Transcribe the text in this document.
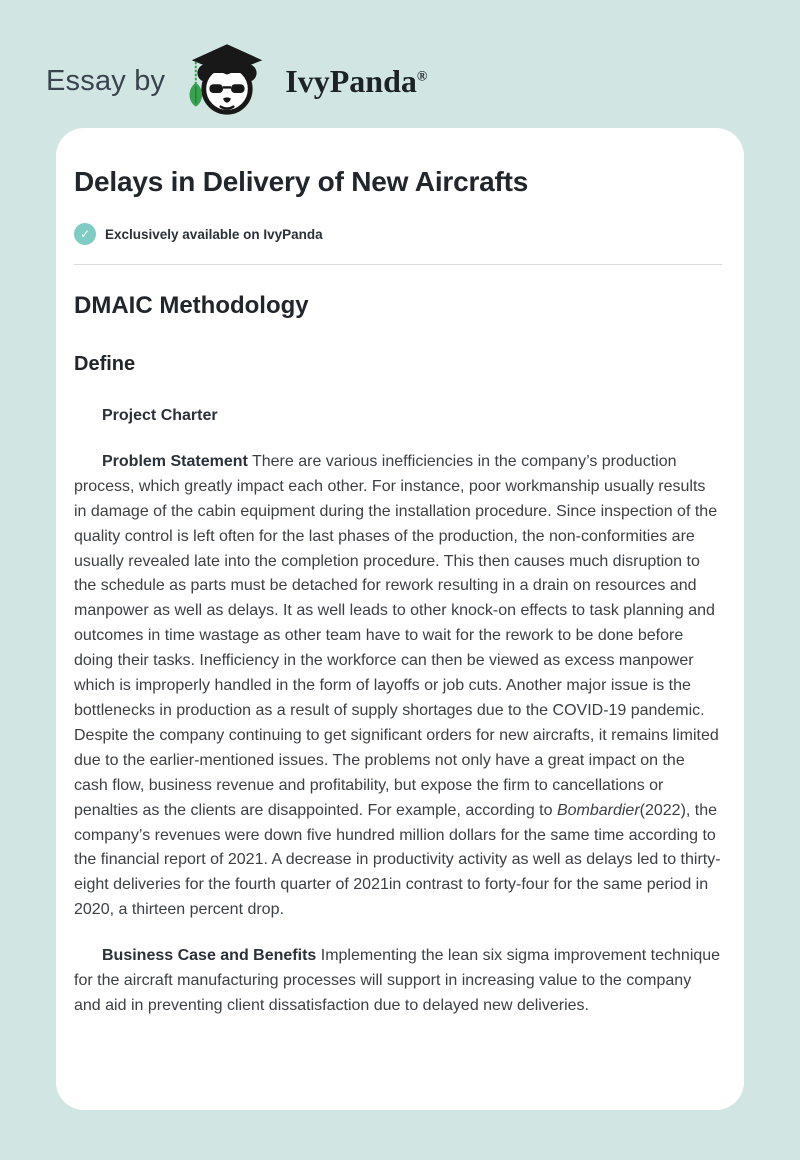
Essay by	IvyPanda®
Delays in Delivery of New Aircrafts
✓	Exclusively available on IvyPanda
DMAIC Methodology
Define

Project Charter

Problem Statement There are various inefficiencies in the company’s production process, which greatly impact each other. For instance, poor workmanship usually results in damage of the cabin equipment during the installation procedure. Since inspection of the quality control is left often for the last phases of the production, the non-conformities are usually revealed late into the completion procedure. This then causes much disruption to the schedule as parts must be detached for rework resulting in a drain on resources and manpower as well as delays. It as well leads to other knock-on effects to task planning and outcomes in time wastage as other team have to wait for the rework to be done before doing their tasks. Inefficiency in the workforce can then be viewed as excess manpower which is improperly handled in the form of layoffs or job cuts. Another major issue is the bottlenecks in production as a result of supply shortages due to the COVID-19 pandemic. Despite the company continuing to get significant orders for new aircrafts, it remains limited due to the earlier-mentioned issues. The problems not only have a great impact on the cash flow, business revenue and profitability, but expose the firm to cancellations or penalties as the clients are disappointed. For example, according to Bombardier(2022), the company’s revenues were down five hundred million dollars for the same time according to the financial report of 2021. A decrease in productivity activity as well as delays led to thirty-eight deliveries for the fourth quarter of 2021in contrast to forty-four for the same period in 2020, a thirteen percent drop.

Business Case and Benefits Implementing the lean six sigma improvement technique for the aircraft manufacturing processes will support in increasing value to the company and aid in preventing client dissatisfaction due to delayed new deliveries.
